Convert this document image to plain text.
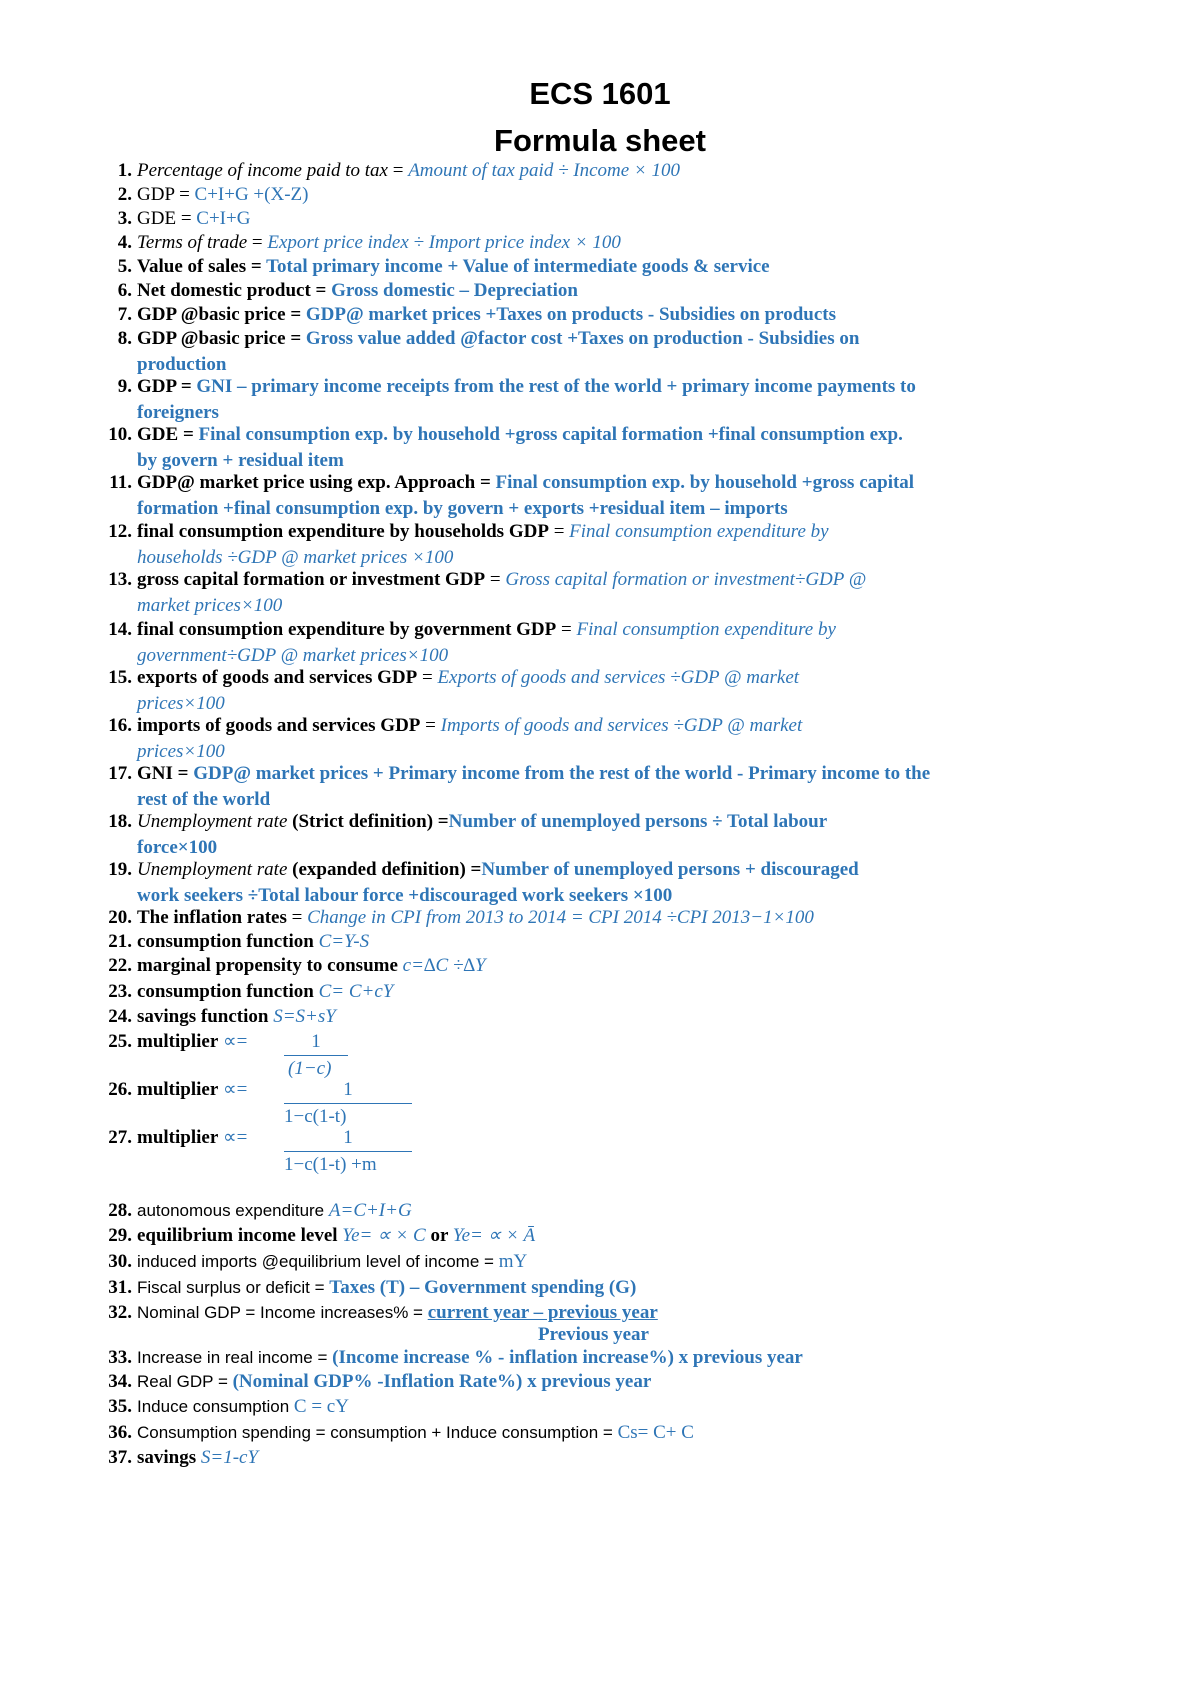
ECS 1601
Formula sheet
1. Percentage of income paid to tax = Amount of tax paid ÷ Income × 100
2. GDP = C+I+G +(X-Z)
3. GDE = C+I+G
4. Terms of trade = Export price index ÷ Import price index × 100
5. Value of sales = Total primary income + Value of intermediate goods & service
6. Net domestic product = Gross domestic – Depreciation
7. GDP @basic price = GDP@ market prices +Taxes on products - Subsidies on products
8. GDP @basic price = Gross value added @factor cost +Taxes on production - Subsidies on
production
9. GDP = GNI – primary income receipts from the rest of the world + primary income payments to
foreigners
10. GDE = Final consumption exp. by household +gross capital formation +final consumption exp.
by govern + residual item
11. GDP@ market price using exp. Approach = Final consumption exp. by household +gross capital
formation +final consumption exp. by govern + exports +residual item – imports
12. final consumption expenditure by households GDP = Final consumption expenditure by
households ÷GDP @ market prices ×100
13. gross capital formation or investment GDP = Gross capital formation or investment÷GDP @
market prices×100
14. final consumption expenditure by government GDP = Final consumption expenditure by
government÷GDP @ market prices×100
15. exports of goods and services GDP = Exports of goods and services ÷GDP @ market
prices×100
16. imports of goods and services GDP = Imports of goods and services ÷GDP @ market
prices×100
17. GNI = GDP@ market prices + Primary income from the rest of the world - Primary income to the
rest of the world
18. Unemployment rate (Strict definition) =Number of unemployed persons ÷ Total labour
force×100
19. Unemployment rate (expanded definition) =Number of unemployed persons + discouraged
work seekers ÷Total labour force +discouraged work seekers ×100
20. The inflation rates = Change in CPI from 2013 to 2014 = CPI 2014 ÷CPI 2013−1×100
21. consumption function C=Y-S
22. marginal propensity to consume c=∆C ÷∆Y
23. consumption function C= C+cY
24. savings function S=S+sY
25. multiplier ∝= $\frac{1}{(1-c)}$
26. multiplier ∝= $\frac{1}{1-c(1-t)}$
27. multiplier ∝= $\frac{1}{1-c(1-t) +m}$
28. autonomous expenditure A=C+I+G
29. equilibrium income level Ye= ∝ × C or Ye= ∝ × Ā
30. induced imports @equilibrium level of income = mY
31. Fiscal surplus or deficit = Taxes (T) – Government spending (G)
32. Nominal GDP = Income increases% = current year – previous year
Previous year
33. Increase in real income = (Income increase % - inflation increase%) x previous year
34. Real GDP = (Nominal GDP% -Inflation Rate%) x previous year
35. Induce consumption C = cY
36. Consumption spending = consumption + Induce consumption = Cs= C+ C
37. savings S=1-cY
